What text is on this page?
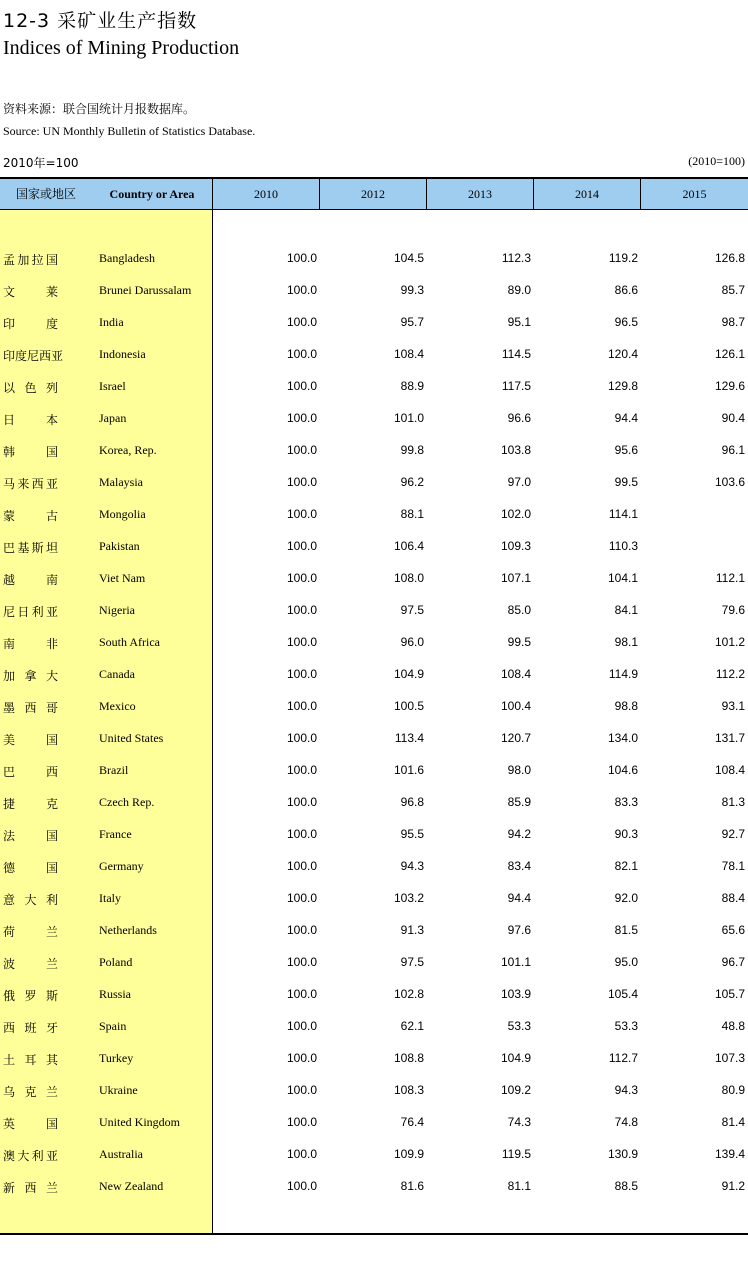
12-3 采矿业生产指数
Indices of Mining Production
资料来源：联合国统计月报数据库。
Source: UN Monthly Bulletin of Statistics Database.
2010年=100	(2010=100)
国家或地区	Country or Area	2010	2012	2013	2014	2015
孟加拉国	Bangladesh	100.0	104.5	112.3	119.2	126.8
文莱	Brunei Darussalam	100.0	99.3	89.0	86.6	85.7
印度	India	100.0	95.7	95.1	96.5	98.7
印度尼西亚	Indonesia	100.0	108.4	114.5	120.4	126.1
以色列	Israel	100.0	88.9	117.5	129.8	129.6
日本	Japan	100.0	101.0	96.6	94.4	90.4
韩国	Korea, Rep.	100.0	99.8	103.8	95.6	96.1
马来西亚	Malaysia	100.0	96.2	97.0	99.5	103.6
蒙古	Mongolia	100.0	88.1	102.0	114.1
巴基斯坦	Pakistan	100.0	106.4	109.3	110.3
越南	Viet Nam	100.0	108.0	107.1	104.1	112.1
尼日利亚	Nigeria	100.0	97.5	85.0	84.1	79.6
南非	South Africa	100.0	96.0	99.5	98.1	101.2
加拿大	Canada	100.0	104.9	108.4	114.9	112.2
墨西哥	Mexico	100.0	100.5	100.4	98.8	93.1
美国	United States	100.0	113.4	120.7	134.0	131.7
巴西	Brazil	100.0	101.6	98.0	104.6	108.4
捷克	Czech Rep.	100.0	96.8	85.9	83.3	81.3
法国	France	100.0	95.5	94.2	90.3	92.7
德国	Germany	100.0	94.3	83.4	82.1	78.1
意大利	Italy	100.0	103.2	94.4	92.0	88.4
荷兰	Netherlands	100.0	91.3	97.6	81.5	65.6
波兰	Poland	100.0	97.5	101.1	95.0	96.7
俄罗斯	Russia	100.0	102.8	103.9	105.4	105.7
西班牙	Spain	100.0	62.1	53.3	53.3	48.8
土耳其	Turkey	100.0	108.8	104.9	112.7	107.3
乌克兰	Ukraine	100.0	108.3	109.2	94.3	80.9
英国	United Kingdom	100.0	76.4	74.3	74.8	81.4
澳大利亚	Australia	100.0	109.9	119.5	130.9	139.4
新西兰	New Zealand	100.0	81.6	81.1	88.5	91.2
